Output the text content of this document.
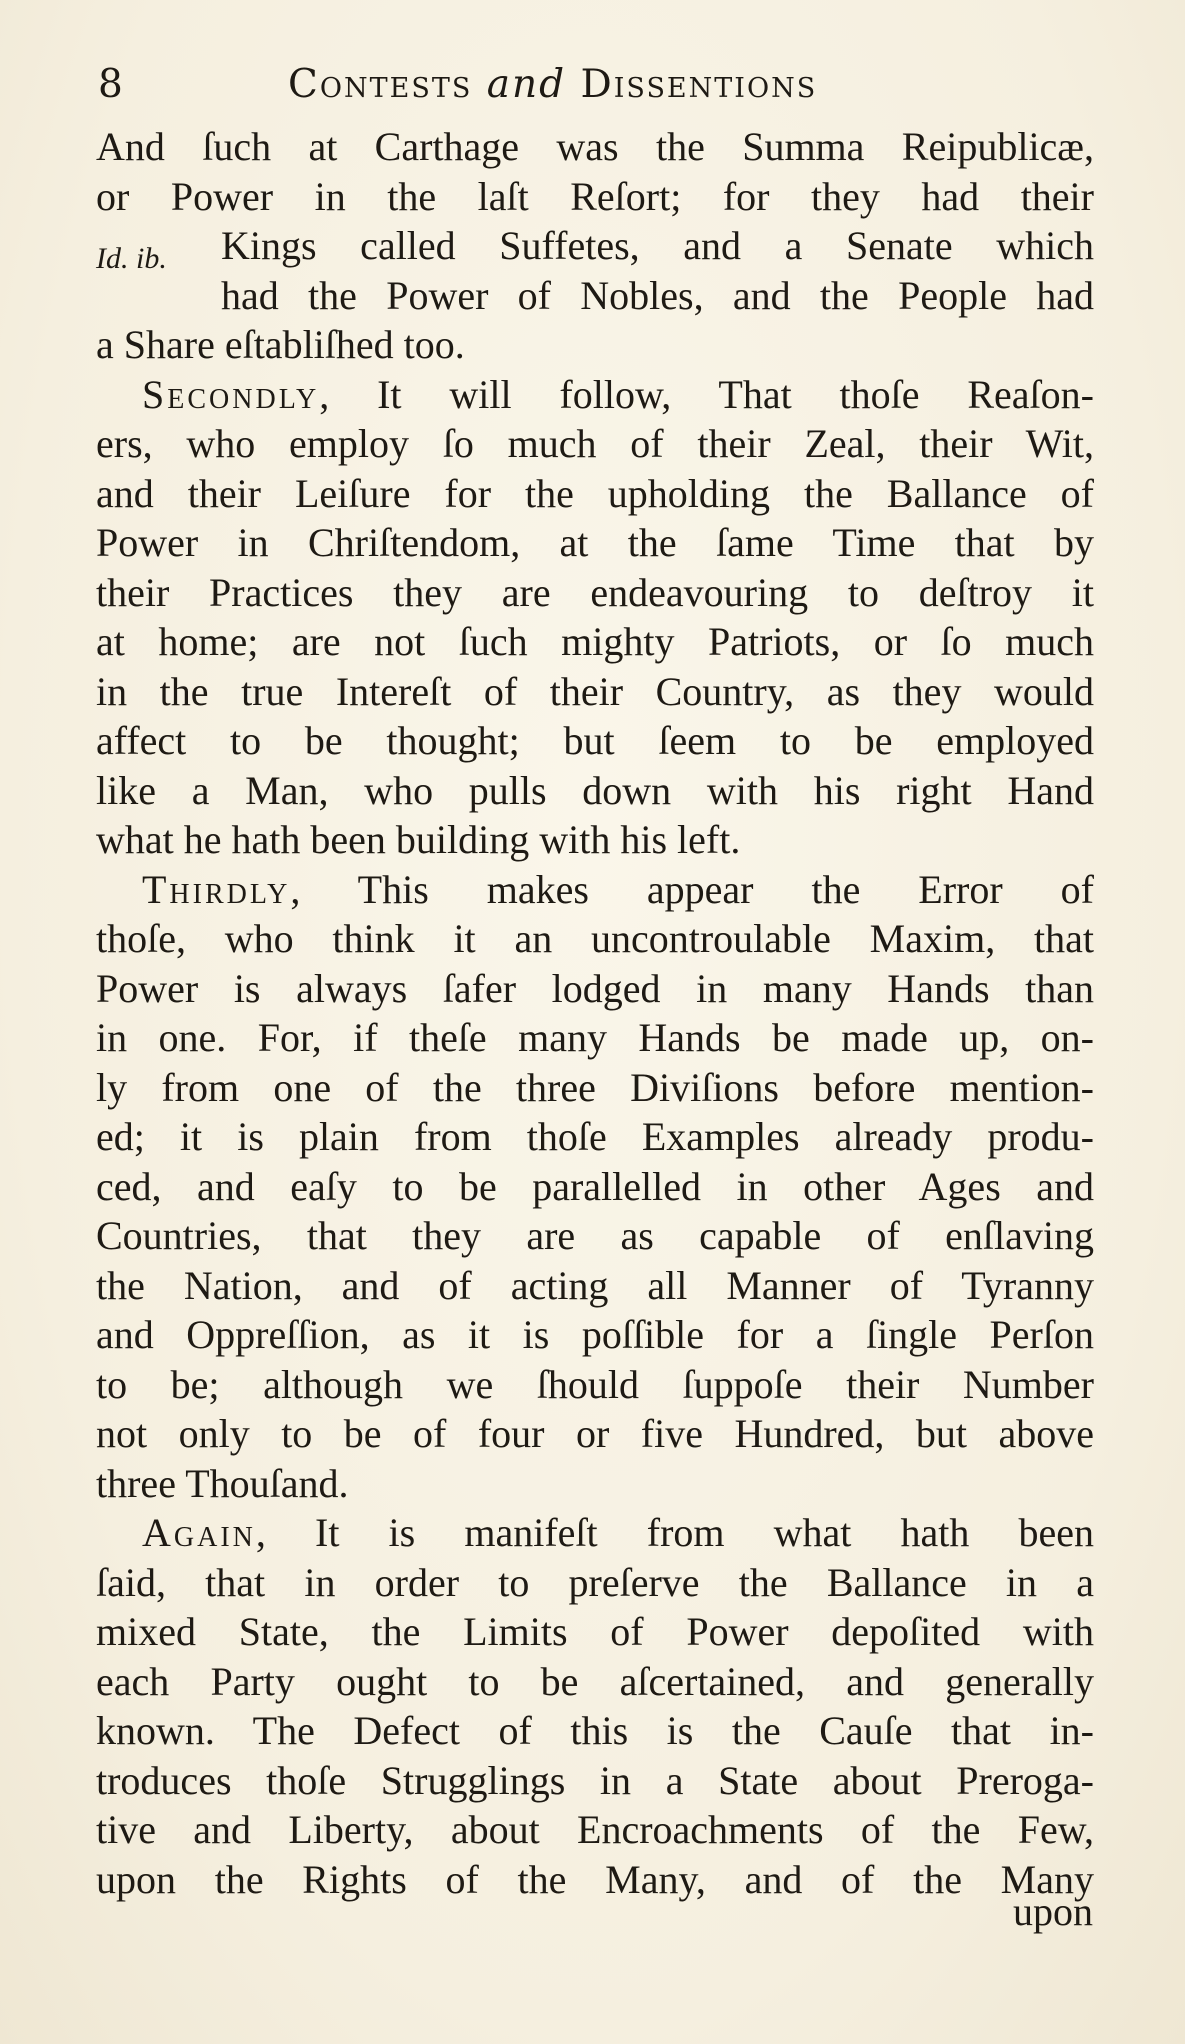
8	Contests and Dissentions
Id. ib.
And ſuch at Carthage was the Summa Reipublicæ,
or Power in the laſt Reſort; for they had their
Kings called Suffetes, and a Senate which
had the Power of Nobles, and the People had
a Share eſtabliſhed too.
Secondly, It will follow, That thoſe Reaſon-
ers, who employ ſo much of their Zeal, their Wit,
and their Leiſure for the upholding the Ballance of
Power in Chriſtendom, at the ſame Time that by
their Practices they are endeavouring to deſtroy it
at home; are not ſuch mighty Patriots, or ſo much
in the true Intereſt of their Country, as they would
affect to be thought; but ſeem to be employed
like a Man, who pulls down with his right Hand
what he hath been building with his left.
Thirdly, This makes appear the Error of
thoſe, who think it an uncontroulable Maxim, that
Power is always ſafer lodged in many Hands than
in one. For, if theſe many Hands be made up, on-
ly from one of the three Diviſions before mention-
ed; it is plain from thoſe Examples already produ-
ced, and eaſy to be parallelled in other Ages and
Countries, that they are as capable of enſlaving
the Nation, and of acting all Manner of Tyranny
and Oppreſſion, as it is poſſible for a ſingle Perſon
to be; although we ſhould ſuppoſe their Number
not only to be of four or five Hundred, but above
three Thouſand.
Again, It is manifeſt from what hath been
ſaid, that in order to preſerve the Ballance in a
mixed State, the Limits of Power depoſited with
each Party ought to be aſcertained, and generally
known. The Defect of this is the Cauſe that in-
troduces thoſe Strugglings in a State about Preroga-
tive and Liberty, about Encroachments of the Few,
upon the Rights of the Many, and of the Many
upon
